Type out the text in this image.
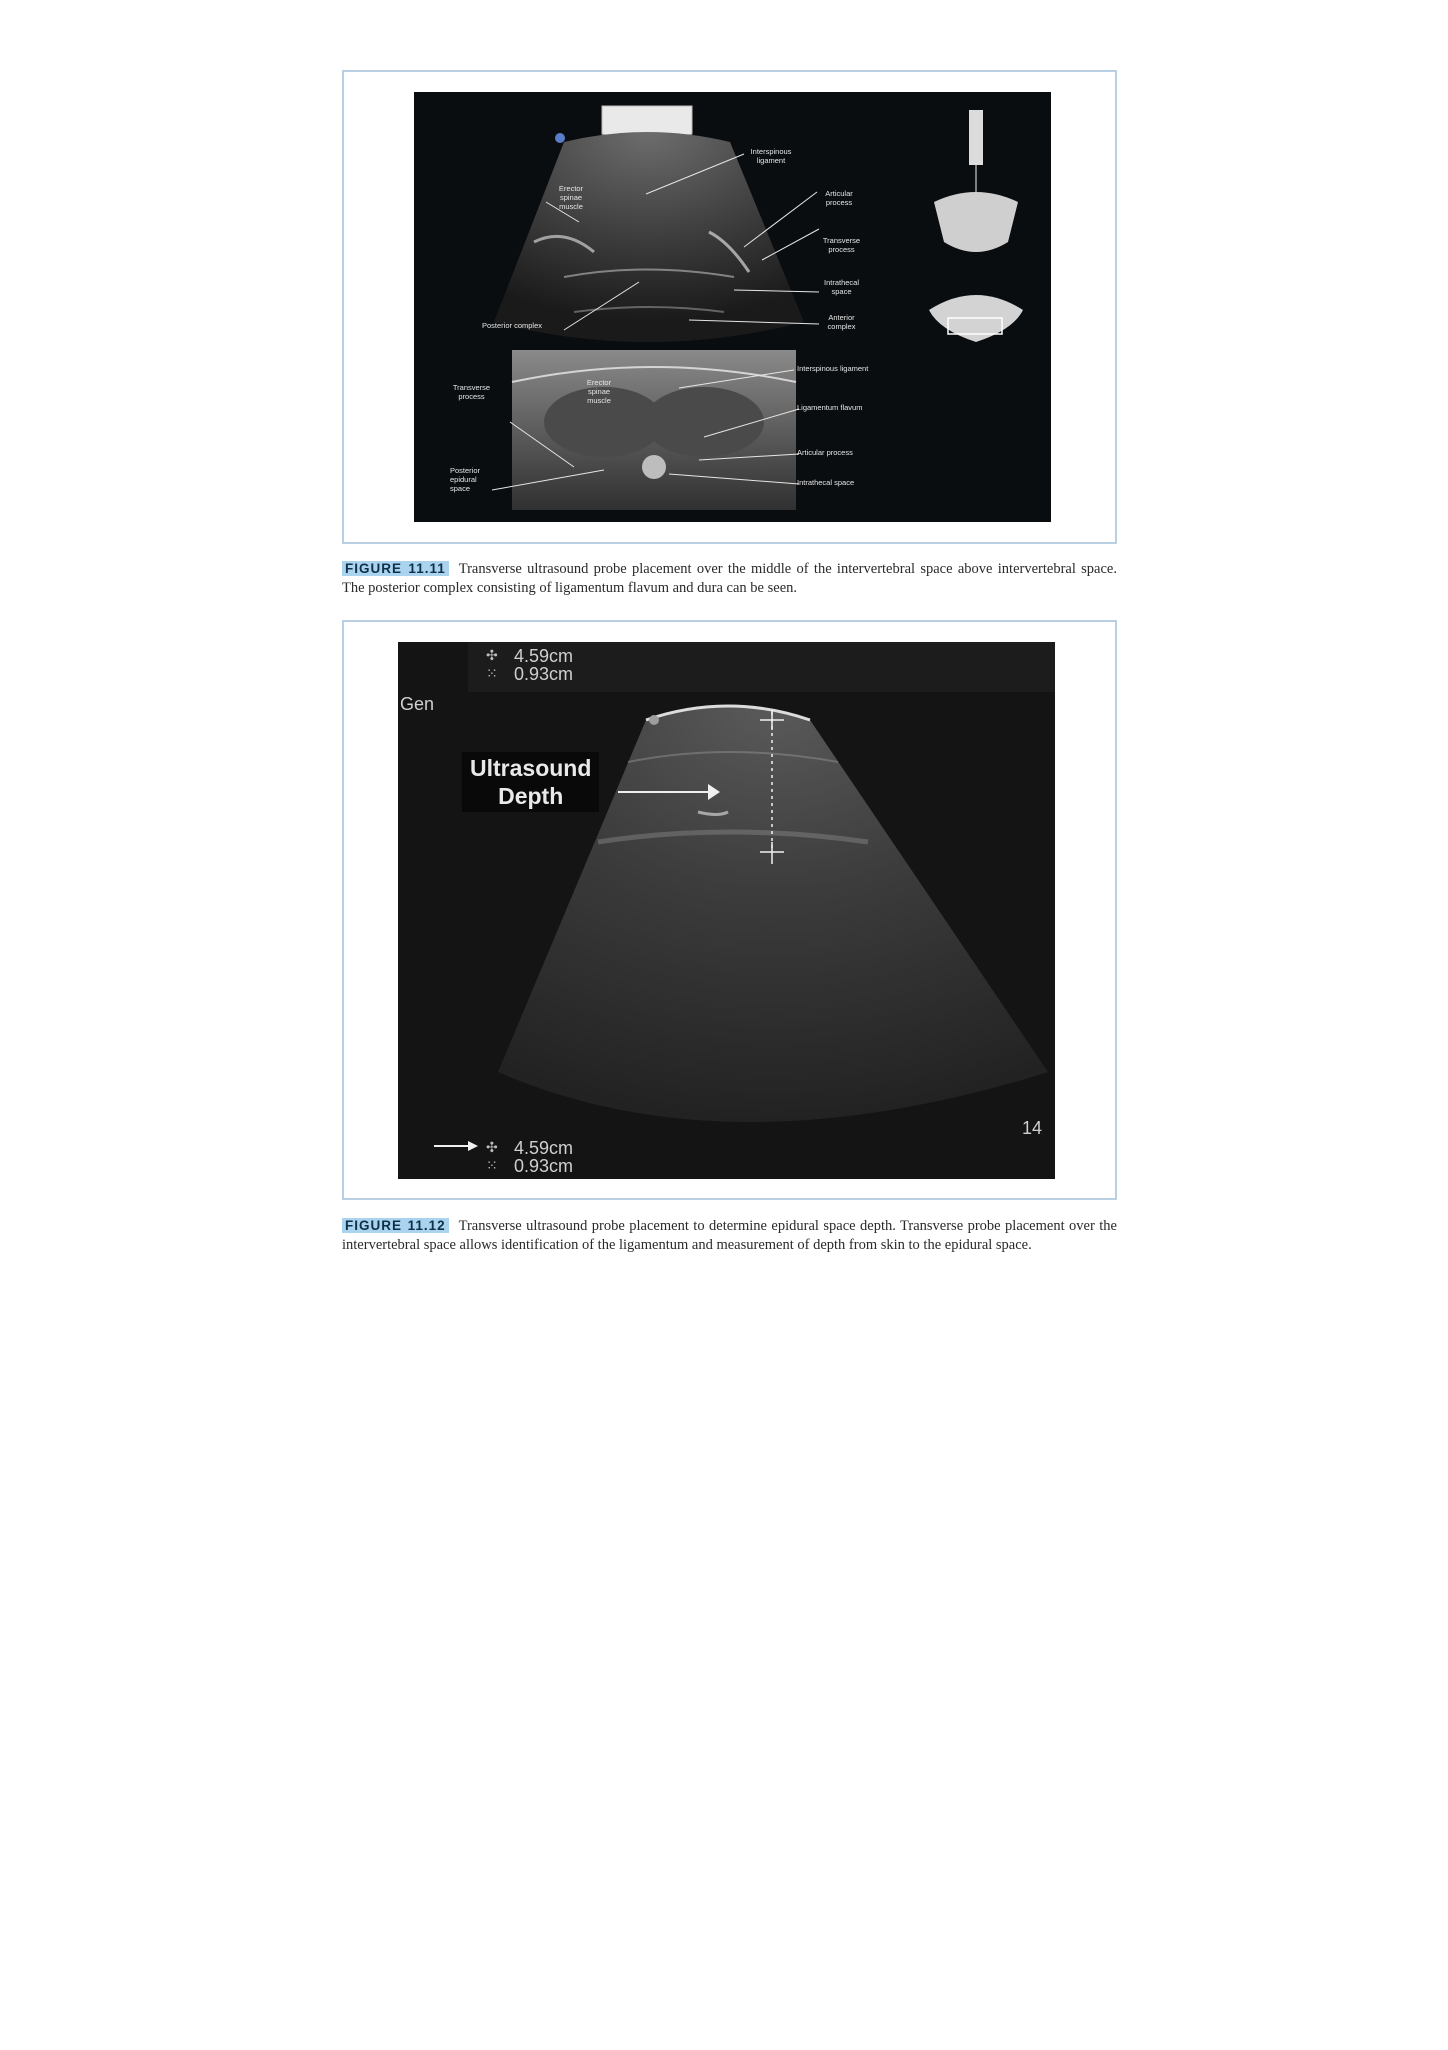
Interspinous
ligament
Erector
spinae
muscle
Articular
process
Transverse
process
Intrathecal
space
Anterior
complex
Posterior complex
Transverse
process
Erector
spinae
muscle
Posterior
epidural
space
Interspinous ligament
Ligamentum flavum
Articular process
Intrathecal space
FIGURE 11.11 Transverse ultrasound probe placement over the middle of the intervertebral space above intervertebral space. The posterior complex consisting of ligamentum flavum and dura can be seen.
✣
⁙
✣
⁙
4.59cm
0.93cm
Gen
14
4.59cm
0.93cm
Ultrasound
Depth
FIGURE 11.12 Transverse ultrasound probe placement to determine epidural space depth. Transverse probe placement over the intervertebral space allows identification of the ligamentum and measurement of depth from skin to the epidural space.
